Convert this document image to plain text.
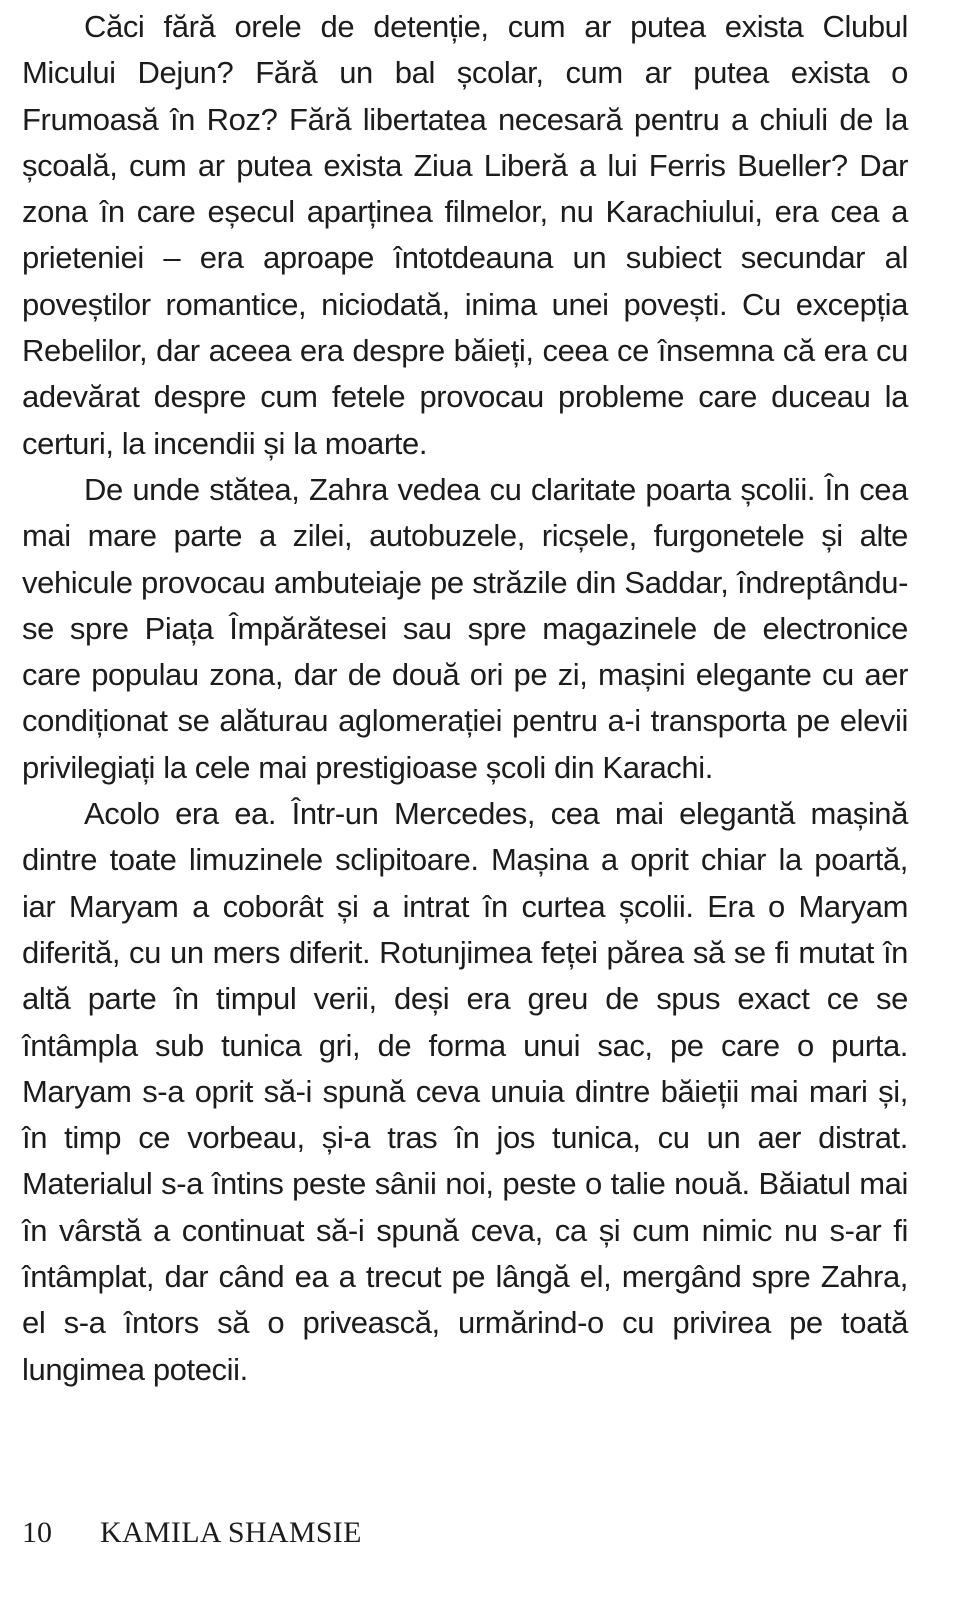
Căci fără orele de detenție, cum ar putea exista Clubul Micului Dejun? Fără un bal școlar, cum ar putea exista o Frumoasă în Roz? Fără libertatea necesară pentru a chiuli de la școală, cum ar putea exista Ziua Liberă a lui Ferris Bueller? Dar zona în care eșecul aparținea filmelor, nu Karachiului, era cea a prieteniei – era aproape întotdeauna un subiect secundar al poveștilor romantice, niciodată, inima unei povești. Cu excepția Rebelilor, dar aceea era despre băieți, ceea ce însemna că era cu adevărat despre cum fetele provocau probleme care duceau la certuri, la incendii și la moarte.

De unde stătea, Zahra vedea cu claritate poarta școlii. În cea mai mare parte a zilei, autobuzele, ricșele, furgonetele și alte vehicule provocau ambuteiaje pe străzile din Saddar, îndreptându-se spre Piața Împărătesei sau spre magazinele de electronice care populau zona, dar de două ori pe zi, mașini elegante cu aer condiționat se alăturau aglomerației pentru a-i transporta pe elevii privilegiați la cele mai prestigioase școli din Karachi.

Acolo era ea. Într-un Mercedes, cea mai elegantă mașină dintre toate limuzinele sclipitoare. Mașina a oprit chiar la poartă, iar Maryam a coborât și a intrat în curtea școlii. Era o Maryam diferită, cu un mers diferit. Rotunjimea feței părea să se fi mutat în altă parte în timpul verii, deși era greu de spus exact ce se întâmpla sub tunica gri, de forma unui sac, pe care o purta. Maryam s-a oprit să-i spună ceva unuia dintre băieții mai mari și, în timp ce vorbeau, și-a tras în jos tunica, cu un aer distrat. Materialul s-a întins peste sânii noi, peste o talie nouă. Băiatul mai în vârstă a continuat să-i spună ceva, ca și cum nimic nu s-ar fi întâmplat, dar când ea a trecut pe lângă el, mergând spre Zahra, el s-a întors să o privească, urmărind-o cu privirea pe toată lungimea potecii.

10 KAMILA SHAMSIE
